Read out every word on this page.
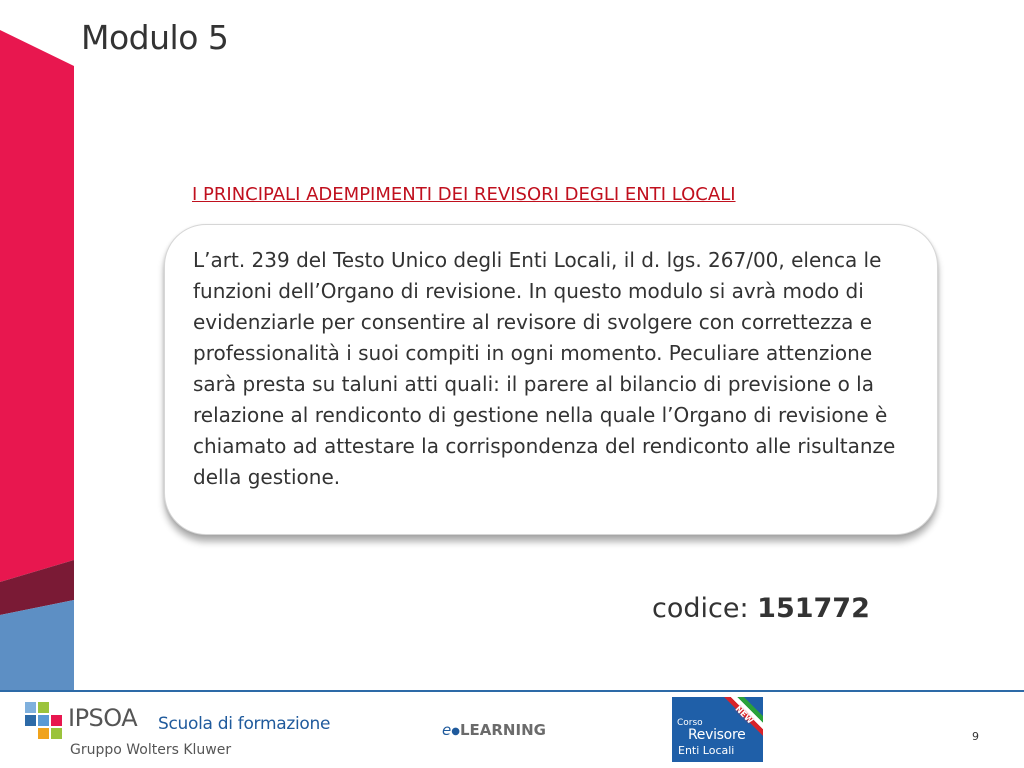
Modulo 5
I PRINCIPALI ADEMPIMENTI DEI REVISORI DEGLI ENTI LOCALI

L’art. 239 del Testo Unico degli Enti Locali, il d. lgs. 267/00, elenca le funzioni dell’Organo di revisione. In questo modulo si avrà modo di evidenziarle per consentire al revisore di svolgere con correttezza e professionalità i suoi compiti in ogni momento. Peculiare attenzione sarà presta su taluni atti quali: il parere al bilancio di previsione o la relazione al rendiconto di gestione nella quale l’Organo di revisione è chiamato ad attestare la corrispondenza del rendiconto alle risultanze della gestione.

codice: 151772
IPSOA Scuola di formazione
Gruppo Wolters Kluwer
e●LEARNING
NEW
Corso
Revisore
Enti Locali
9
